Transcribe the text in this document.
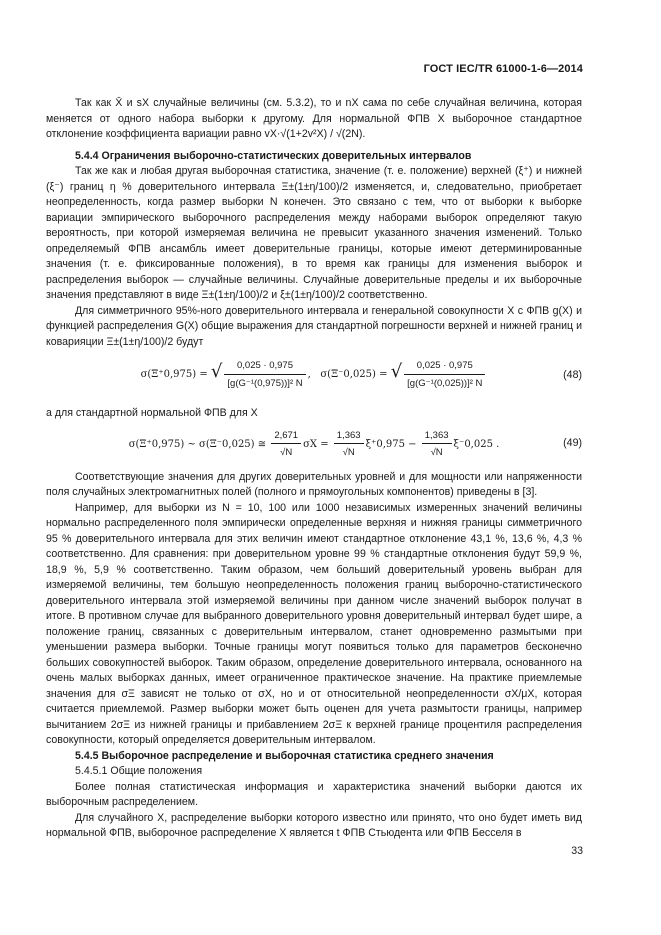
ГОСТ IEC/TR 61000-1-6—2014

Так как X̄ и sX случайные величины (см. 5.3.2), то и nX сама по себе случайная величина, которая меняется от одного набора выборки к другому. Для нормальной ФПВ X выборочное стандартное отклонение коэффициента вариации равно vX·√(1+2v²X) / √(2N).

5.4.4 Ограничения выборочно-статистических доверительных интервалов

Так же как и любая другая выборочная статистика, значение (т. е. положение) верхней (ξ⁺) и нижней (ξ⁻) границ η % доверительного интервала Ξ±(1±η/100)/2 изменяется, и, следовательно, приобретает неопределенность, когда размер выборки N конечен. Это связано с тем, что от выборки к выборке вариации эмпирического выборочного распределения между наборами выборок определяют такую вероятность, при которой измеряемая величина не превысит указанного значения изменений. Только определяемый ФПВ ансамбль имеет доверительные границы, которые имеют детерминированные значения (т. е. фиксированные положения), в то время как границы для изменения выборок и распределения выборок — случайные величины. Случайные доверительные пределы и их выборочные значения представляют в виде Ξ±(1±η/100)/2 и ξ±(1±η/100)/2 соответственно.

Для симметричного 95%-ного доверительного интервала и генеральной совокупности X с ФПВ g(X) и функцией распределения G(X) общие выражения для стандартной погрешности верхней и нижней границ и коварияции Ξ±(1±η/100)/2 будут

σ(Ξ⁺0,975) = √ $\frac{0,025 \cdot 0,975}{\text{[g(G⁻¹(0,975))]² N}}$ , σ(Ξ⁻0,025) = √ $\frac{0,025 \cdot 0,975}{\text{[g(G⁻¹(0,025))]² N}}$	(48)

а для стандартной нормальной ФПВ для X

σ(Ξ⁺0,975) ~ σ(Ξ⁻0,025) ≅ $\frac{2,671}{√N}$ $\sigma X = \frac{1,363}{√N} \xi^+0,975 - \frac{1,363}{√N} \xi^-0,025$ .	(49)

Соответствующие значения для других доверительных уровней и для мощности или напряженности поля случайных электромагнитных полей (полного и прямоугольных компонентов) приведены в [3].

Например, для выборки из N = 10, 100 или 1000 независимых измеренных значений величины нормально распределенного поля эмпирически определенные верхняя и нижняя границы симметричного 95 % доверительного интервала для этих величин имеют стандартное отклонение 43,1 %, 13,6 %, 4,3 % соответственно. Для сравнения: при доверительном уровне 99 % стандартные отклонения будут 59,9 %, 18,9 %, 5,9 % соответственно. Таким образом, чем больший доверительный уровень выбран для измеряемой величины, тем большую неопределенность положения границ выборочно-статистического доверительного интервала этой измеряемой величины при данном числе значений выборок получат в итоге. В противном случае для выбранного доверительного уровня доверительный интервал будет шире, а положение границ, связанных с доверительным интервалом, станет одновременно размытыми при уменьшении размера выборки. Точные границы могут появиться только для параметров бесконечно больших совокупностей выборок. Таким образом, определение доверительного интервала, основанного на очень малых выборках данных, имеет ограниченное практическое значение. На практике приемлемые значения для σΞ зависят не только от σX, но и от относительной неопределенности σX/μX, которая считается приемлемой. Размер выборки может быть оценен для учета размытости границы, например вычитанием 2σΞ из нижней границы и прибавлением 2σΞ к верхней границе процентиля распределения совокупности, который определяется доверительным интервалом.

5.4.5 Выборочное распределение и выборочная статистика среднего значения

5.4.5.1 Общие положения

Более полная статистическая информация и характеристика значений выборки даются их выборочным распределением.

Для случайного X, распределение выборки которого известно или принято, что оно будет иметь вид нормальной ФПВ, выборочное распределение X является t ФПВ Стьюдента или ФПВ Бесселя в

33
